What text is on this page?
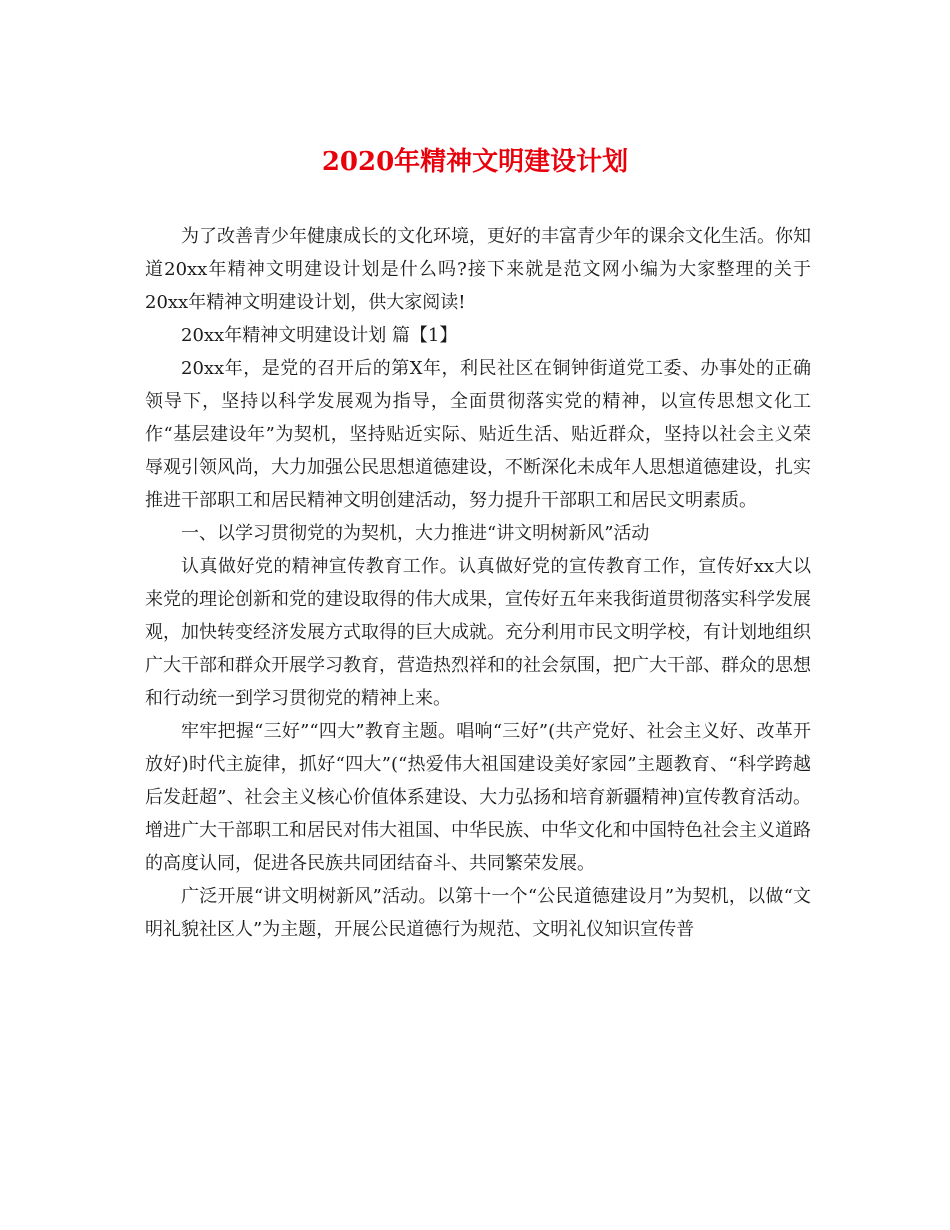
2020年精神文明建设计划

为了改善青少年健康成长的文化环境，更好的丰富青少年的课余文化生活。你知道20xx年精神文明建设计划是什么吗?接下来就是范文网小编为大家整理的关于20xx年精神文明建设计划，供大家阅读!

20xx年精神文明建设计划 篇【1】

20xx年，是党的召开后的第X年，利民社区在铜钟街道党工委、办事处的正确领导下，坚持以科学发展观为指导，全面贯彻落实党的精神，以宣传思想文化工作“基层建设年”为契机，坚持贴近实际、贴近生活、贴近群众，坚持以社会主义荣辱观引领风尚，大力加强公民思想道德建设，不断深化未成年人思想道德建设，扎实推进干部职工和居民精神文明创建活动，努力提升干部职工和居民文明素质。

一、以学习贯彻党的为契机，大力推进“讲文明树新风”活动

认真做好党的精神宣传教育工作。认真做好党的宣传教育工作，宣传好xx大以来党的理论创新和党的建设取得的伟大成果，宣传好五年来我街道贯彻落实科学发展观，加快转变经济发展方式取得的巨大成就。充分利用市民文明学校，有计划地组织广大干部和群众开展学习教育，营造热烈祥和的社会氛围，把广大干部、群众的思想和行动统一到学习贯彻党的精神上来。

牢牢把握“三好”“四大”教育主题。唱响“三好”(共产党好、社会主义好、改革开放好)时代主旋律，抓好“四大”(“热爱伟大祖国建设美好家园”主题教育、“科学跨越后发赶超”、社会主义核心价值体系建设、大力弘扬和培育新疆精神)宣传教育活动。增进广大干部职工和居民对伟大祖国、中华民族、中华文化和中国特色社会主义道路的高度认同，促进各民族共同团结奋斗、共同繁荣发展。

广泛开展“讲文明树新风”活动。以第十一个“公民道德建设月”为契机，以做“文明礼貌社区人”为主题，开展公民道德行为规范、文明礼仪知识宣传普
